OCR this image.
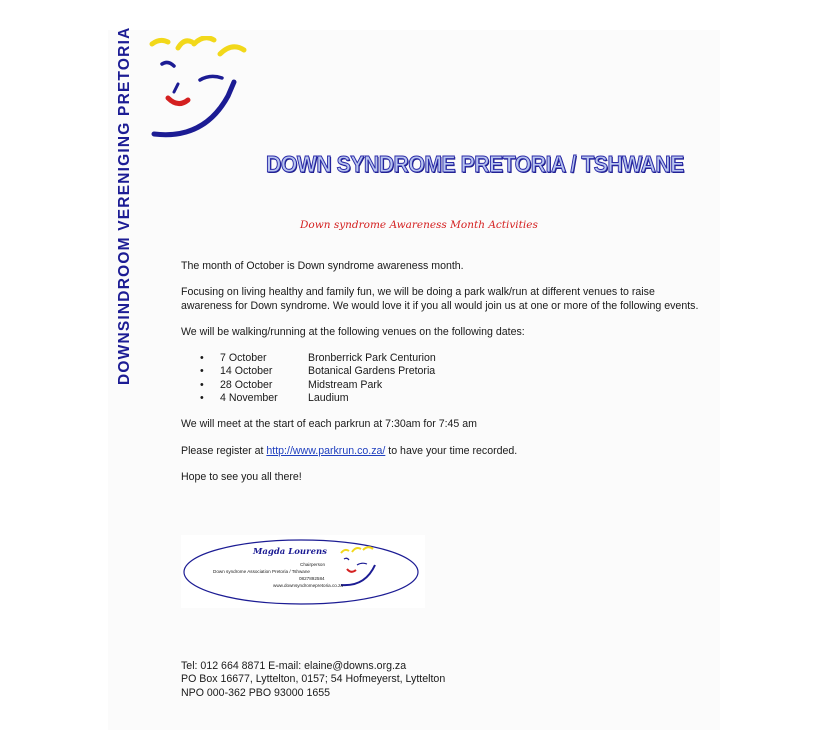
DOWNSINDROOM VERENIGING PRETORIA	DOWN SYNDROME PRETORIA / TSHWANE
Down syndrome Awareness Month Activities

The month of October is Down syndrome awareness month.

Focusing on living healthy and family fun, we will be doing a park walk/run at different venues to raise awareness for Down syndrome. We would love it if you all would join us at one or more of the following events.

We will be walking/running at the following venues on the following dates:

• 7 October	Bronberrick Park Centurion
• 14 October	Botanical Gardens Pretoria
• 28 October	Midstream Park
• 4 November	Laudium

We will meet at the start of each parkrun at 7:30am for 7:45 am

Please register at http://www.parkrun.co.za/ to have your time recorded.

Hope to see you all there!

Magda Lourens
Chairperson
Down syndrome Association Pretoria / Tshwane
0827892584
www.downsyndromepretoria.co.za
Tel: 012 664 8871 E-mail: elaine@downs.org.za
PO Box 16677, Lyttelton, 0157; 54 Hofmeyerst, Lyttelton
NPO 000-362 PBO 93000 1655
